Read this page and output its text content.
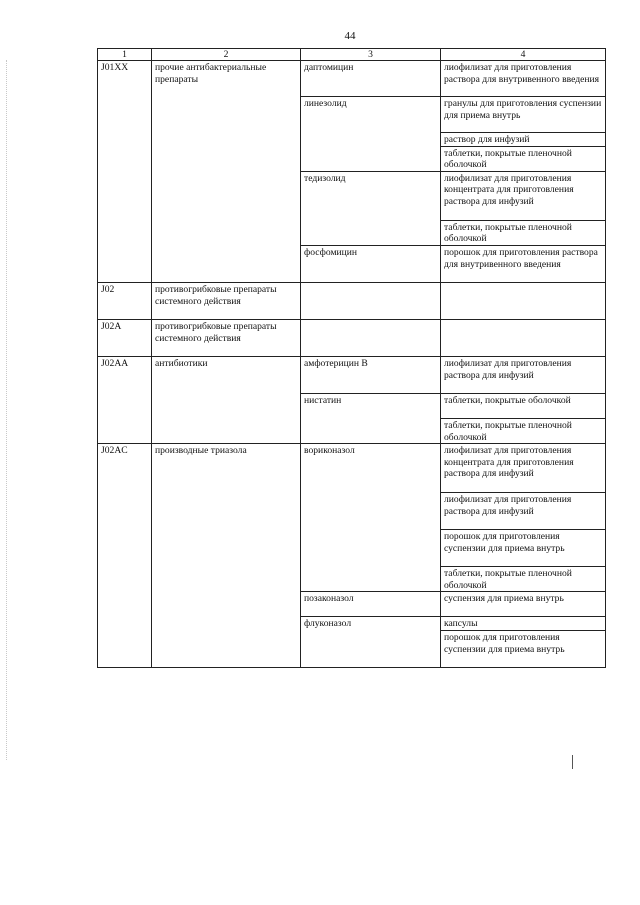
44
1	2	3	4
J01XX	прочие антибактериальные препараты	даптомицин	лиофилизат для приготовления раствора для внутривенного введения
		линезолид	гранулы для приготовления суспензии для приема внутрь
			раствор для инфузий
			таблетки, покрытые пленочной оболочкой
		тедизолид	лиофилизат для приготовления концентрата для приготовления раствора для инфузий
			таблетки, покрытые пленочной оболочкой
		фосфомицин	порошок для приготовления раствора для внутривенного введения
J02	противогрибковые препараты системного действия		
J02A	противогрибковые препараты системного действия		
J02AA	антибиотики	амфотерицин В	лиофилизат для приготовления раствора для инфузий
		нистатин	таблетки, покрытые оболочкой
			таблетки, покрытые пленочной оболочкой
J02AC	производные триазола	вориконазол	лиофилизат для приготовления концентрата для приготовления раствора для инфузий
			лиофилизат для приготовления раствора для инфузий
			порошок для приготовления суспензии для приема внутрь
			таблетки, покрытые пленочной оболочкой
		позаконазол	суспензия для приема внутрь
		флуконазол	капсулы
			порошок для приготовления суспензии для приема внутрь
